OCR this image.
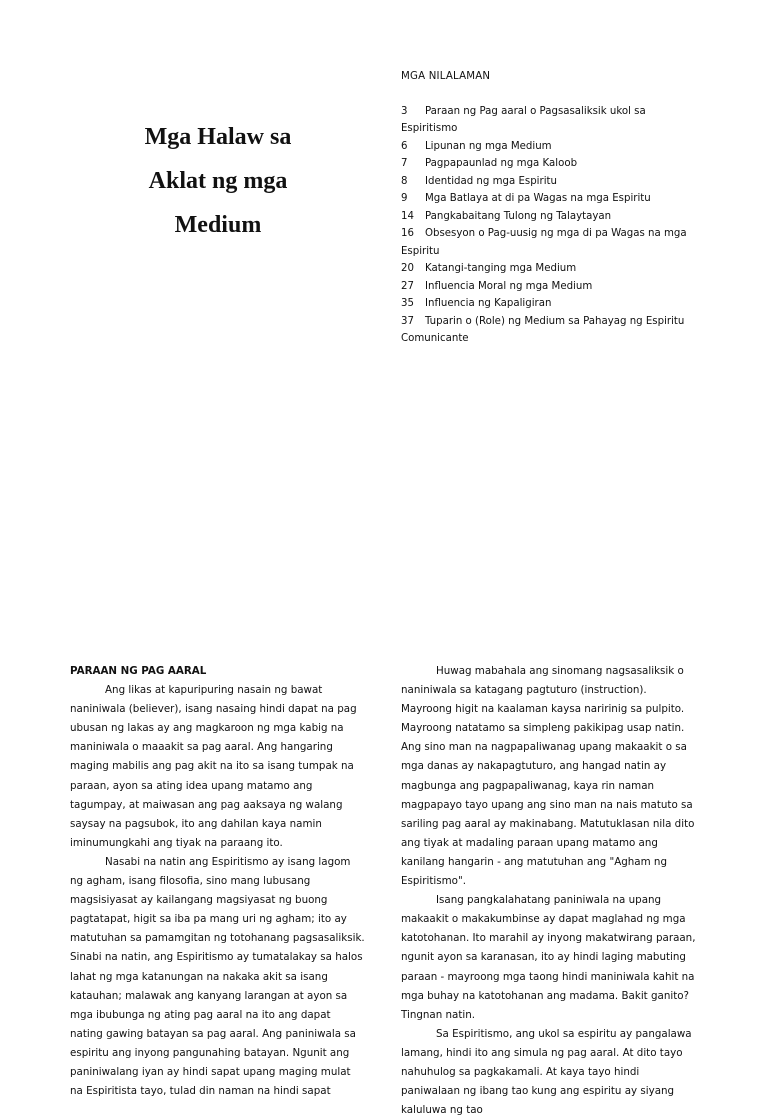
Mga Halaw sa
Aklat ng mga
Medium
MGA NILALAMAN
3 Paraan ng Pag aaral o Pagsasaliksik ukol sa Espiritismo
6 Lipunan ng mga Medium
7 Pagpapaunlad ng mga Kaloob
8 Identidad ng mga Espiritu
9 Mga Batlaya at di pa Wagas na mga Espiritu
14 Pangkabaitang Tulong ng Talaytayan
16 Obsesyon o Pag-uusig ng mga di pa Wagas na mga Espiritu
20 Katangi-tanging mga Medium
27 Influencia Moral ng mga Medium
35 Influencia ng Kapaligiran
37 Tuparin o (Role) ng Medium sa Pahayag ng Espiritu Comunicante
PARAAN NG PAG AARAL

Ang likas at kapuripuring nasain ng bawat naniniwala (believer), isang nasaing hindi dapat na pag ubusan ng lakas ay ang magkaroon ng mga kabig na maniniwala o maaakit sa pag aaral. Ang hangaring maging mabilis ang pag akit na ito sa isang tumpak na paraan, ayon sa ating idea upang matamo ang tagumpay, at maiwasan ang pag aaksaya ng walang saysay na pagsubok, ito ang dahilan kaya namin iminumungkahi ang tiyak na paraang ito.

Nasabi na natin ang Espiritismo ay isang lagom ng agham, isang filosofia, sino mang lubusang magsisiyasat ay kailangang magsiyasat ng buong pagtatapat, higit sa iba pa mang uri ng agham; ito ay matutuhan sa pamamgitan ng totohanang pagsasaliksik. Sinabi na natin, ang Espiritismo ay tumatalakay sa halos lahat ng mga katanungan na nakaka akit sa isang katauhan; malawak ang kanyang larangan at ayon sa mga ibubunga ng ating pag aaral na ito ang dapat nating gawing batayan sa pag aaral. Ang paniniwala sa espiritu ang inyong pangunahing batayan. Ngunit ang paniniwalang iyan ay hindi sapat upang maging mulat na Espiritista tayo, tulad din naman na hindi sapat

Huwag mabahala ang sinomang nagsasaliksik o naniniwala sa katagang pagtuturo (instruction). Mayroong higit na kaalaman kaysa naririnig sa pulpito. Mayroong natatamo sa simpleng pakikipag usap natin. Ang sino man na nagpapaliwanag upang makaakit o sa mga danas ay nakapagtuturo, ang hangad natin ay magbunga ang pagpapaliwanag, kaya rin naman magpapayo tayo upang ang sino man na nais matuto sa sariling pag aaral ay makinabang. Matutuklasan nila dito ang tiyak at madaling paraan upang matamo ang kanilang hangarin - ang matutuhan ang "Agham ng Espiritismo".

Isang pangkalahatang paniniwala na upang makaakit o makakumbinse ay dapat maglahad ng mga katotohanan. Ito marahil ay inyong makatwirang paraan, ngunit ayon sa karanasan, ito ay hindi laging mabuting paraan - mayroong mga taong hindi maniniwala kahit na mga buhay na katotohanan ang madama. Bakit ganito? Tingnan natin.

Sa Espiritismo, ang ukol sa espiritu ay pangalawa lamang, hindi ito ang simula ng pag aaral. At dito tayo nahuhulog sa pagkakamali. At kaya tayo hindi paniwalaan ng ibang tao kung ang espiritu ay siyang kaluluwa ng tao
